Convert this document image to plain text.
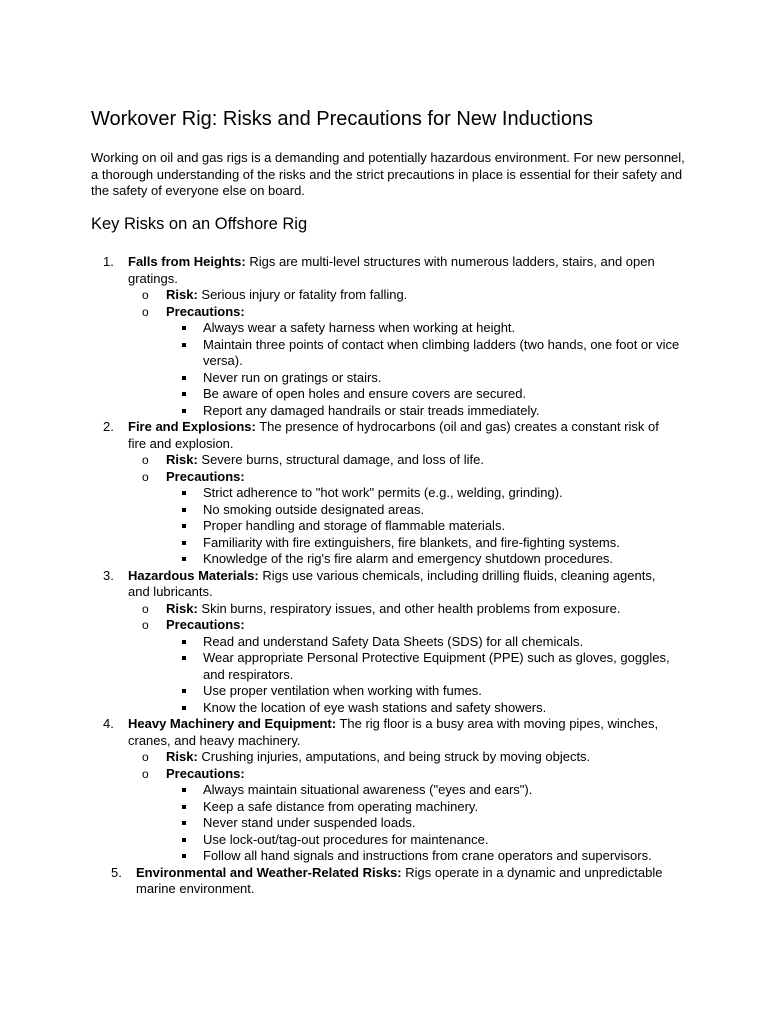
Workover Rig: Risks and Precautions for New Inductions

Working on oil and gas rigs is a demanding and potentially hazardous environment. For new personnel, a thorough understanding of the risks and the strict precautions in place is essential for their safety and the safety of everyone else on board.

Key Risks on an Offshore Rig
1.	Falls from Heights: Rigs are multi-level structures with numerous ladders, stairs, and open gratings.
o Risk: Serious injury or fatality from falling.
o Precautions:
Always wear a safety harness when working at height.
Maintain three points of contact when climbing ladders (two hands, one foot or vice versa).
Never run on gratings or stairs.
Be aware of open holes and ensure covers are secured.
Report any damaged handrails or stair treads immediately.
2.	Fire and Explosions: The presence of hydrocarbons (oil and gas) creates a constant risk of fire and explosion.
o Risk: Severe burns, structural damage, and loss of life.
o Precautions:
Strict adherence to "hot work" permits (e.g., welding, grinding).
No smoking outside designated areas.
Proper handling and storage of flammable materials.
Familiarity with fire extinguishers, fire blankets, and fire-fighting systems.
Knowledge of the rig's fire alarm and emergency shutdown procedures.
3.	Hazardous Materials: Rigs use various chemicals, including drilling fluids, cleaning agents, and lubricants.
o Risk: Skin burns, respiratory issues, and other health problems from exposure.
o Precautions:
Read and understand Safety Data Sheets (SDS) for all chemicals.
Wear appropriate Personal Protective Equipment (PPE) such as gloves, goggles, and respirators.
Use proper ventilation when working with fumes.
Know the location of eye wash stations and safety showers.
4.	Heavy Machinery and Equipment: The rig floor is a busy area with moving pipes, winches, cranes, and heavy machinery.
o Risk: Crushing injuries, amputations, and being struck by moving objects.
o Precautions:
Always maintain situational awareness ("eyes and ears").
Keep a safe distance from operating machinery.
Never stand under suspended loads.
Use lock-out/tag-out procedures for maintenance.
Follow all hand signals and instructions from crane operators and supervisors.
5.	Environmental and Weather-Related Risks: Rigs operate in a dynamic and unpredictable marine environment.
